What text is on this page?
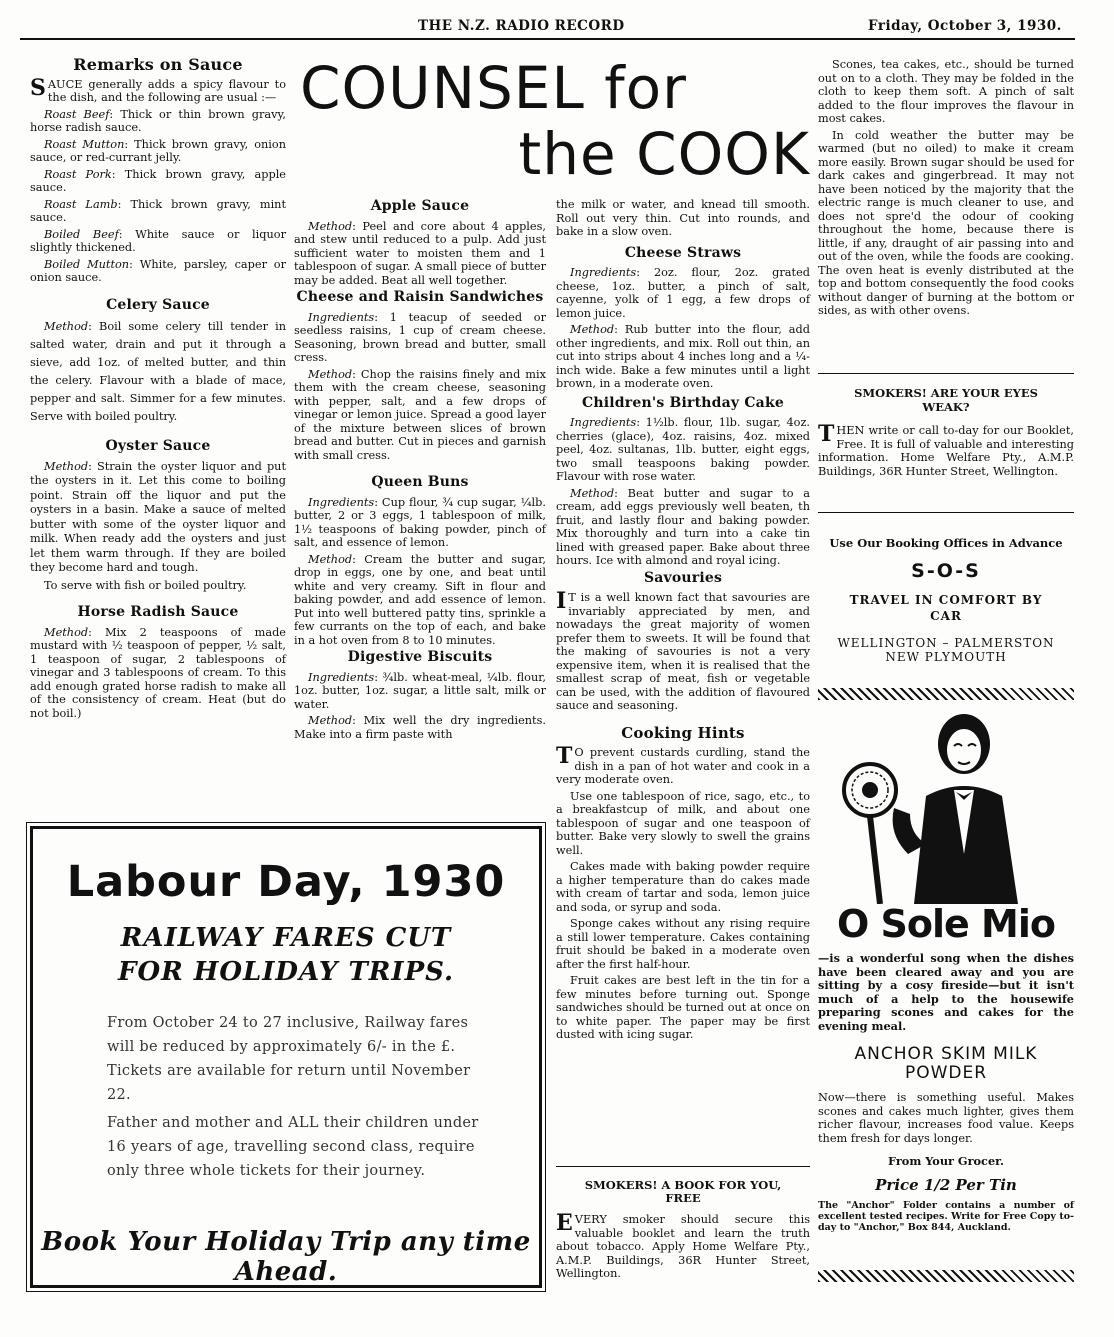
THE N.Z. RADIO RECORD	Friday, October 3, 1930.
COUNSEL for
the COOK
Remarks on Sauce

SAUCE generally adds a spicy flavour to the dish, and the following are usual :—

Roast Beef: Thick or thin brown gravy, horse radish sauce.

Roast Mutton: Thick brown gravy, onion sauce, or red-currant jelly.

Roast Pork: Thick brown gravy, apple sauce.

Roast Lamb: Thick brown gravy, mint sauce.

Boiled Beef: White sauce or liquor slightly thickened.

Boiled Mutton: White, parsley, caper or onion sauce.

Celery Sauce

Method: Boil some celery till tender in salted water, drain and put it through a sieve, add 1oz. of melted butter, and thin the celery. Flavour with a blade of mace, pepper and salt. Simmer for a few minutes. Serve with boiled poultry.

Oyster Sauce

Method: Strain the oyster liquor and put the oysters in it. Let this come to boiling point. Strain off the liquor and put the oysters in a basin. Make a sauce of melted butter with some of the oyster liquor and milk. When ready add the oysters and just let them warm through. If they are boiled they become hard and tough.

To serve with fish or boiled poultry.

Horse Radish Sauce

Method: Mix 2 teaspoons of made mustard with ½ teaspoon of pepper, ½ salt, 1 teaspoon of sugar, 2 tablespoons of vinegar and 3 tablespoons of cream. To this add enough grated horse radish to make all of the consistency of cream. Heat (but do not boil.)

Apple Sauce

Method: Peel and core about 4 apples, and stew until reduced to a pulp. Add just sufficient water to moisten them and 1 tablespoon of sugar. A small piece of butter may be added. Beat all well together.

Cheese and Raisin Sandwiches

Ingredients: 1 teacup of seeded or seedless raisins, 1 cup of cream cheese. Seasoning, brown bread and butter, small cress.

Method: Chop the raisins finely and mix them with the cream cheese, seasoning with pepper, salt, and a few drops of vinegar or lemon juice. Spread a good layer of the mixture between slices of brown bread and butter. Cut in pieces and garnish with small cress.

Queen Buns

Ingredients: Cup flour, ¾ cup sugar, ¼lb. butter, 2 or 3 eggs, 1 tablespoon of milk, 1½ teaspoons of baking powder, pinch of salt, and essence of lemon.

Method: Cream the butter and sugar, drop in eggs, one by one, and beat until white and very creamy. Sift in flour and baking powder, and add essence of lemon. Put into well buttered patty tins, sprinkle a few currants on the top of each, and bake in a hot oven from 8 to 10 minutes.

Digestive Biscuits

Ingredients: ¾lb. wheat-meal, ¼lb. flour, 1oz. butter, 1oz. sugar, a little salt, milk or water.

Method: Mix well the dry ingredients. Make into a firm paste with

the milk or water, and knead till smooth. Roll out very thin. Cut into rounds, and bake in a slow oven.

Cheese Straws

Ingredients: 2oz. flour, 2oz. grated cheese, 1oz. butter, a pinch of salt, cayenne, yolk of 1 egg, a few drops of lemon juice.

Method: Rub butter into the flour, add other ingredients, and mix. Roll out thin, an cut into strips about 4 inches long and a ¼-inch wide. Bake a few minutes until a light brown, in a moderate oven.

Children's Birthday Cake

Ingredients: 1½lb. flour, 1lb. sugar, 4oz. cherries (glace), 4oz. raisins, 4oz. mixed peel, 4oz. sultanas, 1lb. butter, eight eggs, two small teaspoons baking powder. Flavour with rose water.

Method: Beat butter and sugar to a cream, add eggs previously well beaten, th fruit, and lastly flour and baking powder. Mix thoroughly and turn into a cake tin lined with greased paper. Bake about three hours. Ice with almond and royal icing.

Savouries

I T is a well known fact that savouries are invariably appreciated by men, and nowadays the great majority of women prefer them to sweets. It will be found that the making of savouries is not a very expensive item, when it is realised that the smallest scrap of meat, fish or vegetable can be used, with the addition of flavoured sauce and seasoning.

Cooking Hints

T O prevent custards curdling, stand the dish in a pan of hot water and cook in a very moderate oven.

Use one tablespoon of rice, sago, etc., to a breakfastcup of milk, and about one tablespoon of sugar and one teaspoon of butter. Bake very slowly to swell the grains well.

Cakes made with baking powder require a higher temperature than do cakes made with cream of tartar and soda, lemon juice and soda, or syrup and soda.

Sponge cakes without any rising require a still lower temperature. Cakes containing fruit should be baked in a moderate oven after the first half-hour.

Fruit cakes are best left in the tin for a few minutes before turning out. Sponge sandwiches should be turned out at once on to white paper. The paper may be first dusted with icing sugar.

SMOKERS! A BOOK FOR YOU, FREE

EVERY smoker should secure this valuable booklet and learn the truth about tobacco. Apply Home Welfare Pty., A.M.P. Buildings, 36R Hunter Street, Wellington.

Scones, tea cakes, etc., should be turned out on to a cloth. They may be folded in the cloth to keep them soft. A pinch of salt added to the flour improves the flavour in most cakes.

In cold weather the butter may be warmed (but no oiled) to make it cream more easily. Brown sugar should be used for dark cakes and gingerbread. It may not have been noticed by the majority that the electric range is much cleaner to use, and does not spre'd the odour of cooking throughout the home, because there is little, if any, draught of air passing into and out of the oven, while the foods are cooking. The oven heat is evenly distributed at the top and bottom consequently the food cooks without danger of burning at the bottom or sides, as with other ovens.

SMOKERS! ARE YOUR EYES WEAK?

THEN write or call to-day for our Booklet, Free. It is full of valuable and interesting information. Home Welfare Pty., A.M.P. Buildings, 36R Hunter Street, Wellington.

Use Our Booking Offices in Advance
S-O-S
TRAVEL IN COMFORT BY CAR
WELLINGTON – PALMERSTON
NEW PLYMOUTH
O Sole Mio

—is a wonderful song when the dishes have been cleared away and you are sitting by a cosy fireside—but it isn't much of a help to the housewife preparing scones and cakes for the evening meal.

ANCHOR SKIM MILK POWDER

Now—there is something useful. Makes scones and cakes much lighter, gives them richer flavour, increases food value. Keeps them fresh for days longer.

From Your Grocer.
Price 1/2 Per Tin

The "Anchor" Folder contains a number of excellent tested recipes. Write for Free Copy to-day to "Anchor," Box 844, Auckland.

Labour Day, 1930
RAILWAY FARES CUT
FOR HOLIDAY TRIPS.
From October 24 to 27 inclusive, Railway fares will be reduced by approximately 6/- in the £. Tickets are available for return until November 22.
Father and mother and ALL their children under 16 years of age, travelling second class, require only three whole tickets for their journey.
Book Your Holiday Trip any time Ahead.
